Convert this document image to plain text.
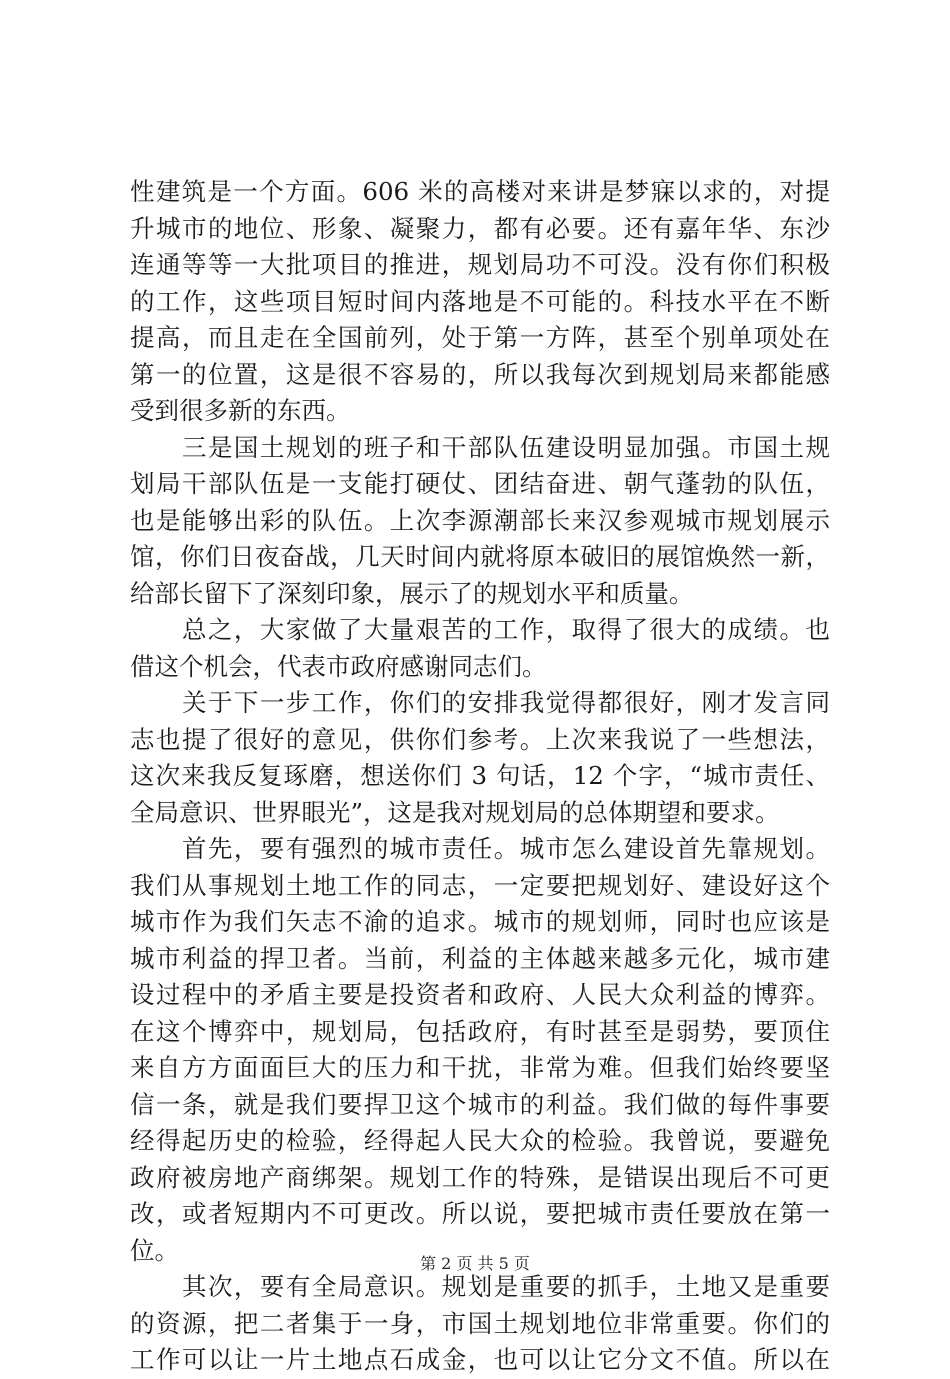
性建筑是一个方面。606 米的高楼对来讲是梦寐以求的，对提
升城市的地位、形象、凝聚力，都有必要。还有嘉年华、东沙
连通等等一大批项目的推进，规划局功不可没。没有你们积极
的工作，这些项目短时间内落地是不可能的。科技水平在不断
提高，而且走在全国前列，处于第一方阵，甚至个别单项处在
第一的位置，这是很不容易的，所以我每次到规划局来都能感
受到很多新的东西。
　　三是国土规划的班子和干部队伍建设明显加强。市国土规
划局干部队伍是一支能打硬仗、团结奋进、朝气蓬勃的队伍，
也是能够出彩的队伍。上次李源潮部长来汉参观城市规划展示
馆，你们日夜奋战，几天时间内就将原本破旧的展馆焕然一新，
给部长留下了深刻印象，展示了的规划水平和质量。
　　总之，大家做了大量艰苦的工作，取得了很大的成绩。也
借这个机会，代表市政府感谢同志们。
　　关于下一步工作，你们的安排我觉得都很好，刚才发言同
志也提了很好的意见，供你们参考。上次来我说了一些想法，
这次来我反复琢磨，想送你们 3 句话，12 个字，“城市责任、
全局意识、世界眼光”，这是我对规划局的总体期望和要求。
　　首先，要有强烈的城市责任。城市怎么建设首先靠规划。
我们从事规划土地工作的同志，一定要把规划好、建设好这个
城市作为我们矢志不渝的追求。城市的规划师，同时也应该是
城市利益的捍卫者。当前，利益的主体越来越多元化，城市建
设过程中的矛盾主要是投资者和政府、人民大众利益的博弈。
在这个博弈中，规划局，包括政府，有时甚至是弱势，要顶住
来自方方面面巨大的压力和干扰，非常为难。但我们始终要坚
信一条，就是我们要捍卫这个城市的利益。我们做的每件事要
经得起历史的检验，经得起人民大众的检验。我曾说，要避免
政府被房地产商绑架。规划工作的特殊，是错误出现后不可更
改，或者短期内不可更改。所以说，要把城市责任要放在第一
位。
　　其次，要有全局意识。规划是重要的抓手，土地又是重要
的资源，把二者集于一身，市国土规划地位非常重要。你们的
工作可以让一片土地点石成金，也可以让它分文不值。所以在
第 2 页 共 5 页
